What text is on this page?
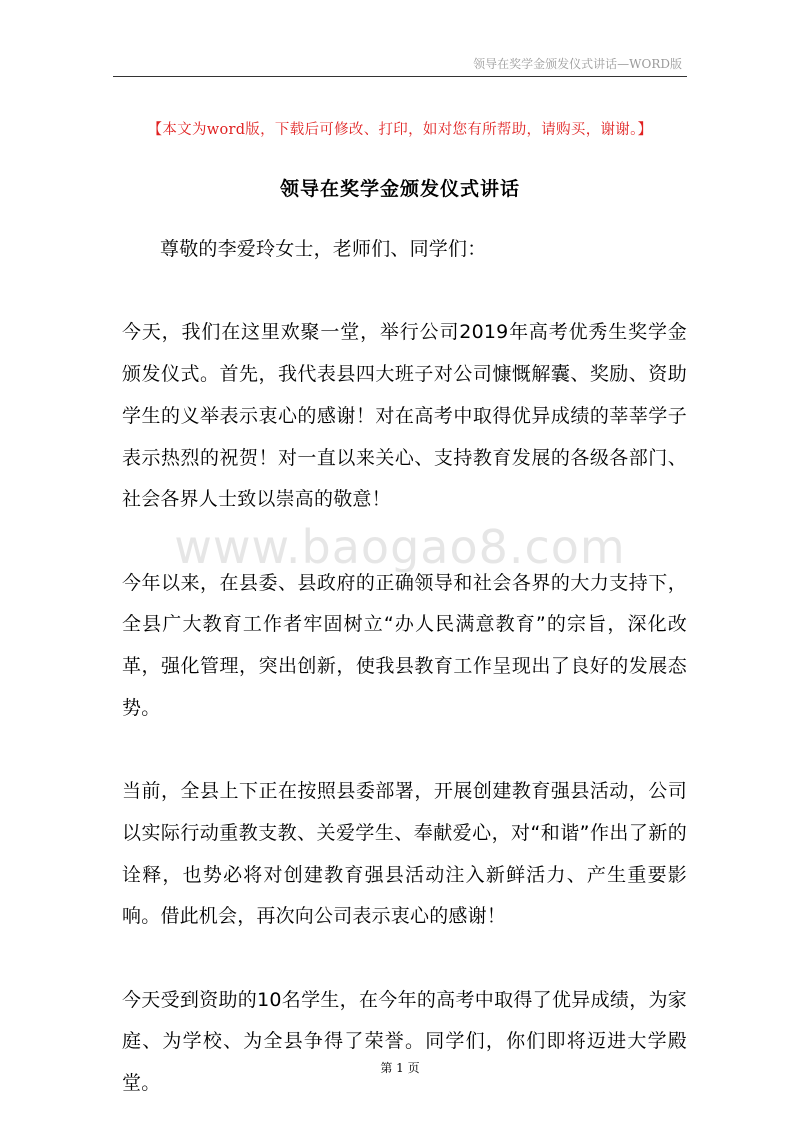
领导在奖学金颁发仪式讲话—WORD版
【本文为word版，下载后可修改、打印，如对您有所帮助，请购买，谢谢。】
领导在奖学金颁发仪式讲话

尊敬的李爱玲女士，老师们、同学们：

今天，我们在这里欢聚一堂，举行公司2019年高考优秀生奖学金颁发仪式。首先，我代表县四大班子对公司慷慨解囊、奖励、资助学生的义举表示衷心的感谢！对在高考中取得优异成绩的莘莘学子表示热烈的祝贺！对一直以来关心、支持教育发展的各级各部门、社会各界人士致以崇高的敬意！

今年以来，在县委、县政府的正确领导和社会各界的大力支持下，全县广大教育工作者牢固树立“办人民满意教育”的宗旨，深化改革，强化管理，突出创新，使我县教育工作呈现出了良好的发展态势。

当前，全县上下正在按照县委部署，开展创建教育强县活动，公司以实际行动重教支教、关爱学生、奉献爱心，对“和谐”作出了新的诠释，也势必将对创建教育强县活动注入新鲜活力、产生重要影响。借此机会，再次向公司表示衷心的感谢！

今天受到资助的10名学生，在今年的高考中取得了优异成绩，为家庭、为学校、为全县争得了荣誉。同学们，你们即将迈进大学殿堂。

www.baogao8.com
第 1 页
